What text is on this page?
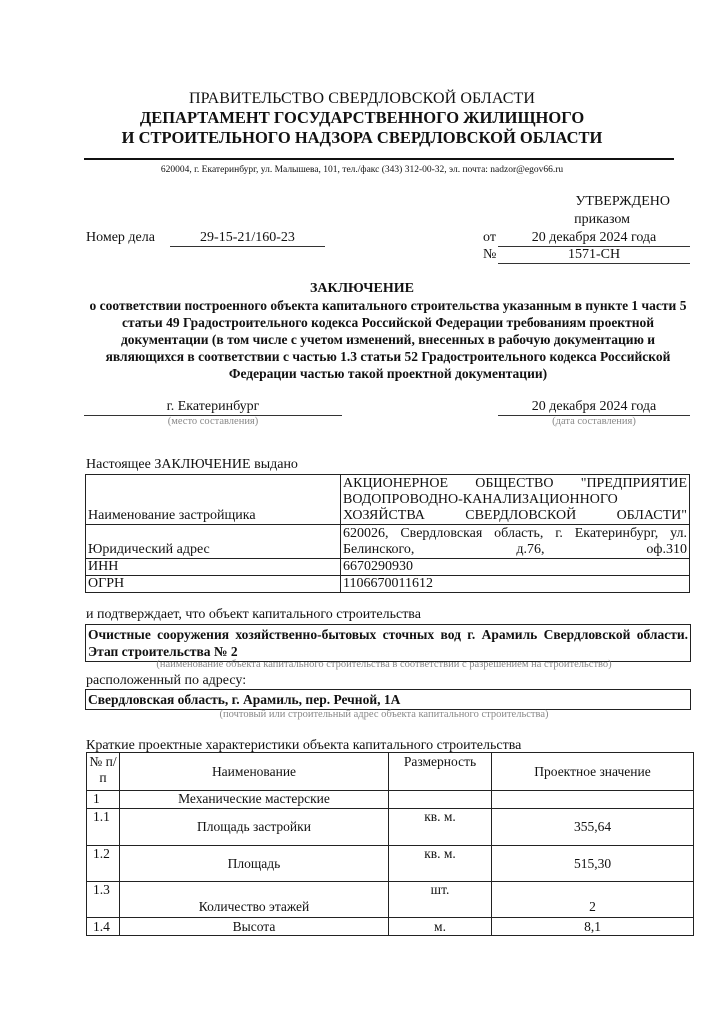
ПРАВИТЕЛЬСТВО СВЕРДЛОВСКОЙ ОБЛАСТИ
ДЕПАРТАМЕНТ ГОСУДАРСТВЕННОГО ЖИЛИЩНОГО
И СТРОИТЕЛЬНОГО НАДЗОРА СВЕРДЛОВСКОЙ ОБЛАСТИ
620004, г. Екатеринбург, ул. Малышева, 101, тел./факс (343) 312-00-32, эл. почта: nadzor@egov66.ru
УТВЕРЖДЕНО
приказом
от	20 декабря 2024 года
№	1571-СН
Номер дела	29-15-21/160-23
ЗАКЛЮЧЕНИЕ
о соответствии построенного объекта капитального строительства указанным в пункте 1 части 5 статьи 49 Градостроительного кодекса Российской Федерации требованиям проектной документации (в том числе с учетом изменений, внесенных в рабочую документацию и являющихся в соответствии с частью 1.3 статьи 52 Градостроительного кодекса Российской Федерации частью такой проектной документации)
г. Екатеринбург
(место составления)
20 декабря 2024 года
(дата составления)
Настоящее ЗАКЛЮЧЕНИЕ выдано
Наименование застройщика	АКЦИОНЕРНОЕ ОБЩЕСТВО "ПРЕДПРИЯТИЕ ВОДОПРОВОДНО-КАНАЛИЗАЦИОННОГО ХОЗЯЙСТВА СВЕРДЛОВСКОЙ ОБЛАСТИ"
Юридический адрес	620026, Свердловская область, г. Екатеринбург, ул. Белинского, д.76, оф.310
ИНН	6670290930
ОГРН	1106670011612
и подтверждает, что объект капитального строительства
Очистные сооружения хозяйственно-бытовых сточных вод г. Арамиль Свердловской области. Этап строительства № 2
(наименование объекта капитального строительства в соответствии с разрешением на строительство)
расположенный по адресу:
Свердловская область, г. Арамиль, пер. Речной, 1А
(почтовый или строительный адрес объекта капитального строительства)
Краткие проектные характеристики объекта капитального строительства
№ п/п	Наименование	Размерность	Проектное значение
1	Механические мастерские		
1.1	Площадь застройки	кв. м.	355,64
1.2	Площадь	кв. м.	515,30
1.3	Количество этажей	шт.	2
1.4	Высота	м.	8,1
